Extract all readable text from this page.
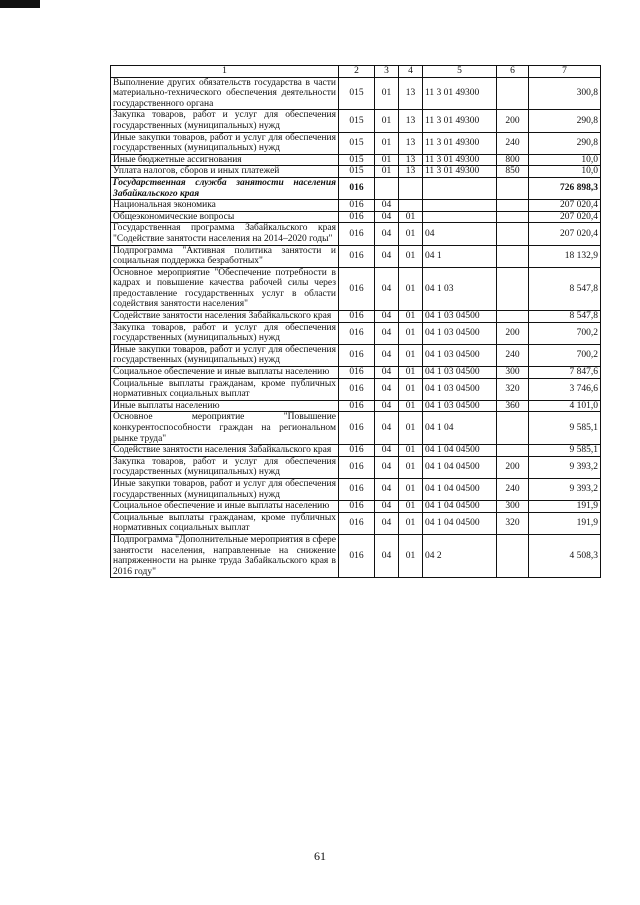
1	2	3	4	5	6	7
Выполнение других обязательств государства в части материально-технического обеспечения деятельности государственного органа	015	01	13	11 3 01 49300		300,8
Закупка товаров, работ и услуг для обеспечения государственных (муниципальных) нужд	015	01	13	11 3 01 49300	200	290,8
Иные закупки товаров, работ и услуг для обеспечения государственных (муниципальных) нужд	015	01	13	11 3 01 49300	240	290,8
Иные бюджетные ассигнования	015	01	13	11 3 01 49300	800	10,0
Уплата налогов, сборов и иных платежей	015	01	13	11 3 01 49300	850	10,0
Государственная служба занятости населения Забайкальского края	016					726 898,3
Национальная экономика	016	04				207 020,4
Общеэкономические вопросы	016	04	01			207 020,4
Государственная программа Забайкальского края "Содействие занятости населения на 2014–2020 годы"	016	04	01	04		207 020,4
Подпрограмма "Активная политика занятости и социальная поддержка безработных"	016	04	01	04 1		18 132,9
Основное мероприятие "Обеспечение потребности в кадрах и повышение качества рабочей силы через предоставление государственных услуг в области содействия занятости населения"	016	04	01	04 1 03		8 547,8
Содействие занятости населения Забайкальского края	016	04	01	04 1 03 04500		8 547,8
Закупка товаров, работ и услуг для обеспечения государственных (муниципальных) нужд	016	04	01	04 1 03 04500	200	700,2
Иные закупки товаров, работ и услуг для обеспечения государственных (муниципальных) нужд	016	04	01	04 1 03 04500	240	700,2
Социальное обеспечение и иные выплаты населению	016	04	01	04 1 03 04500	300	7 847,6
Социальные выплаты гражданам, кроме публичных нормативных социальных выплат	016	04	01	04 1 03 04500	320	3 746,6
Иные выплаты населению	016	04	01	04 1 03 04500	360	4 101,0
Основное мероприятие "Повышение конкурентоспособности граждан на региональном рынке труда"	016	04	01	04 1 04		9 585,1
Содействие занятости населения Забайкальского края	016	04	01	04 1 04 04500		9 585,1
Закупка товаров, работ и услуг для обеспечения государственных (муниципальных) нужд	016	04	01	04 1 04 04500	200	9 393,2
Иные закупки товаров, работ и услуг для обеспечения государственных (муниципальных) нужд	016	04	01	04 1 04 04500	240	9 393,2
Социальное обеспечение и иные выплаты населению	016	04	01	04 1 04 04500	300	191,9
Социальные выплаты гражданам, кроме публичных нормативных социальных выплат	016	04	01	04 1 04 04500	320	191,9
Подпрограмма "Дополнительные мероприятия в сфере занятости населения, направленные на снижение напряженности на рынке труда Забайкальского края в 2016 году"	016	04	01	04 2		4 508,3
61
